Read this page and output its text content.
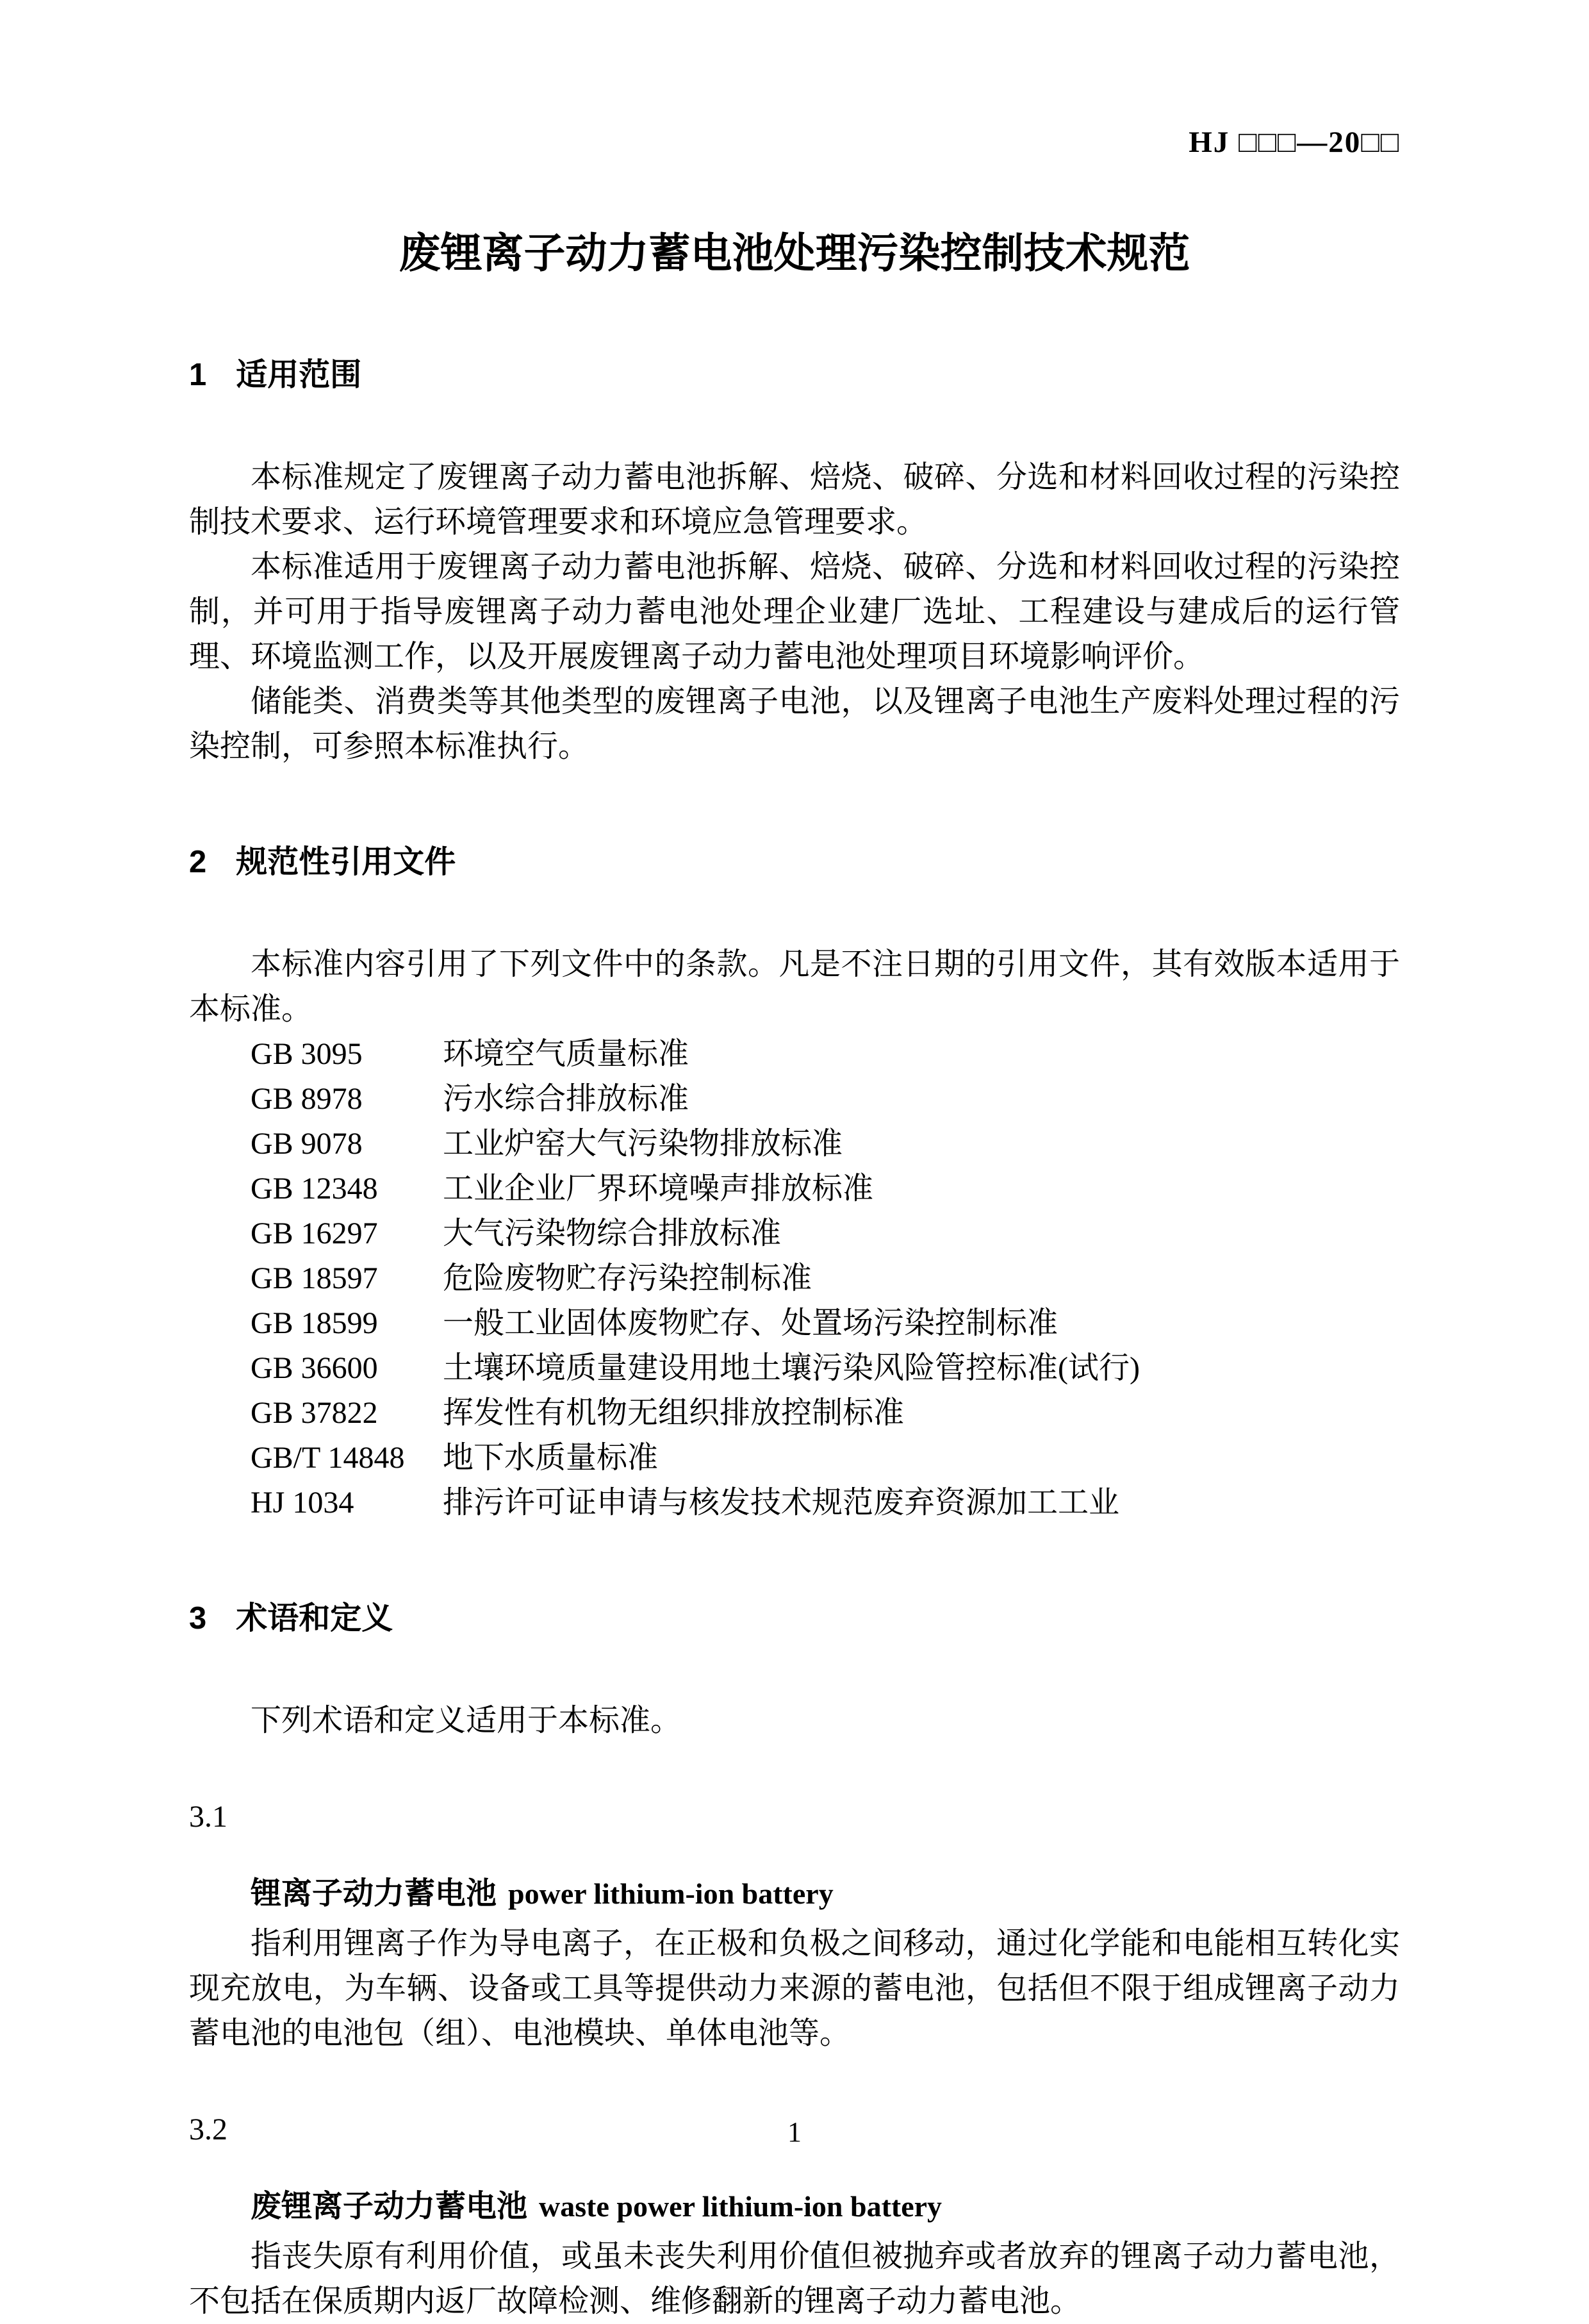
HJ □□□—20□□
废锂离子动力蓄电池处理污染控制技术规范
1 适用范围

本标准规定了废锂离子动力蓄电池拆解、焙烧、破碎、分选和材料回收过程的污染控制技术要求、运行环境管理要求和环境应急管理要求。

本标准适用于废锂离子动力蓄电池拆解、焙烧、破碎、分选和材料回收过程的污染控制，并可用于指导废锂离子动力蓄电池处理企业建厂选址、工程建设与建成后的运行管理、环境监测工作，以及开展废锂离子动力蓄电池处理项目环境影响评价。

储能类、消费类等其他类型的废锂离子电池，以及锂离子电池生产废料处理过程的污染控制，可参照本标准执行。

2 规范性引用文件

本标准内容引用了下列文件中的条款。凡是不注日期的引用文件，其有效版本适用于本标准。

GB 3095	环境空气质量标准
GB 8978	污水综合排放标准
GB 9078	工业炉窑大气污染物排放标准
GB 12348 工业企业厂界环境噪声排放标准
GB 16297 大气污染物综合排放标准
GB 18597 危险废物贮存污染控制标准
GB 18599 一般工业固体废物贮存、处置场污染控制标准
GB 36600 土壤环境质量建设用地土壤污染风险管控标准(试行)
GB 37822 挥发性有机物无组织排放控制标准
GB/T 14848 地下水质量标准
HJ 1034	排污许可证申请与核发技术规范废弃资源加工工业
3 术语和定义

下列术语和定义适用于本标准。

3.1
锂离子动力蓄电池 power lithium-ion battery

指利用锂离子作为导电离子，在正极和负极之间移动，通过化学能和电能相互转化实现充放电，为车辆、设备或工具等提供动力来源的蓄电池，包括但不限于组成锂离子动力蓄电池的电池包（组）、电池模块、单体电池等。

3.2
废锂离子动力蓄电池 waste power lithium-ion battery

指丧失原有利用价值，或虽未丧失利用价值但被抛弃或者放弃的锂离子动力蓄电池，不包括在保质期内返厂故障检测、维修翻新的锂离子动力蓄电池。

1
